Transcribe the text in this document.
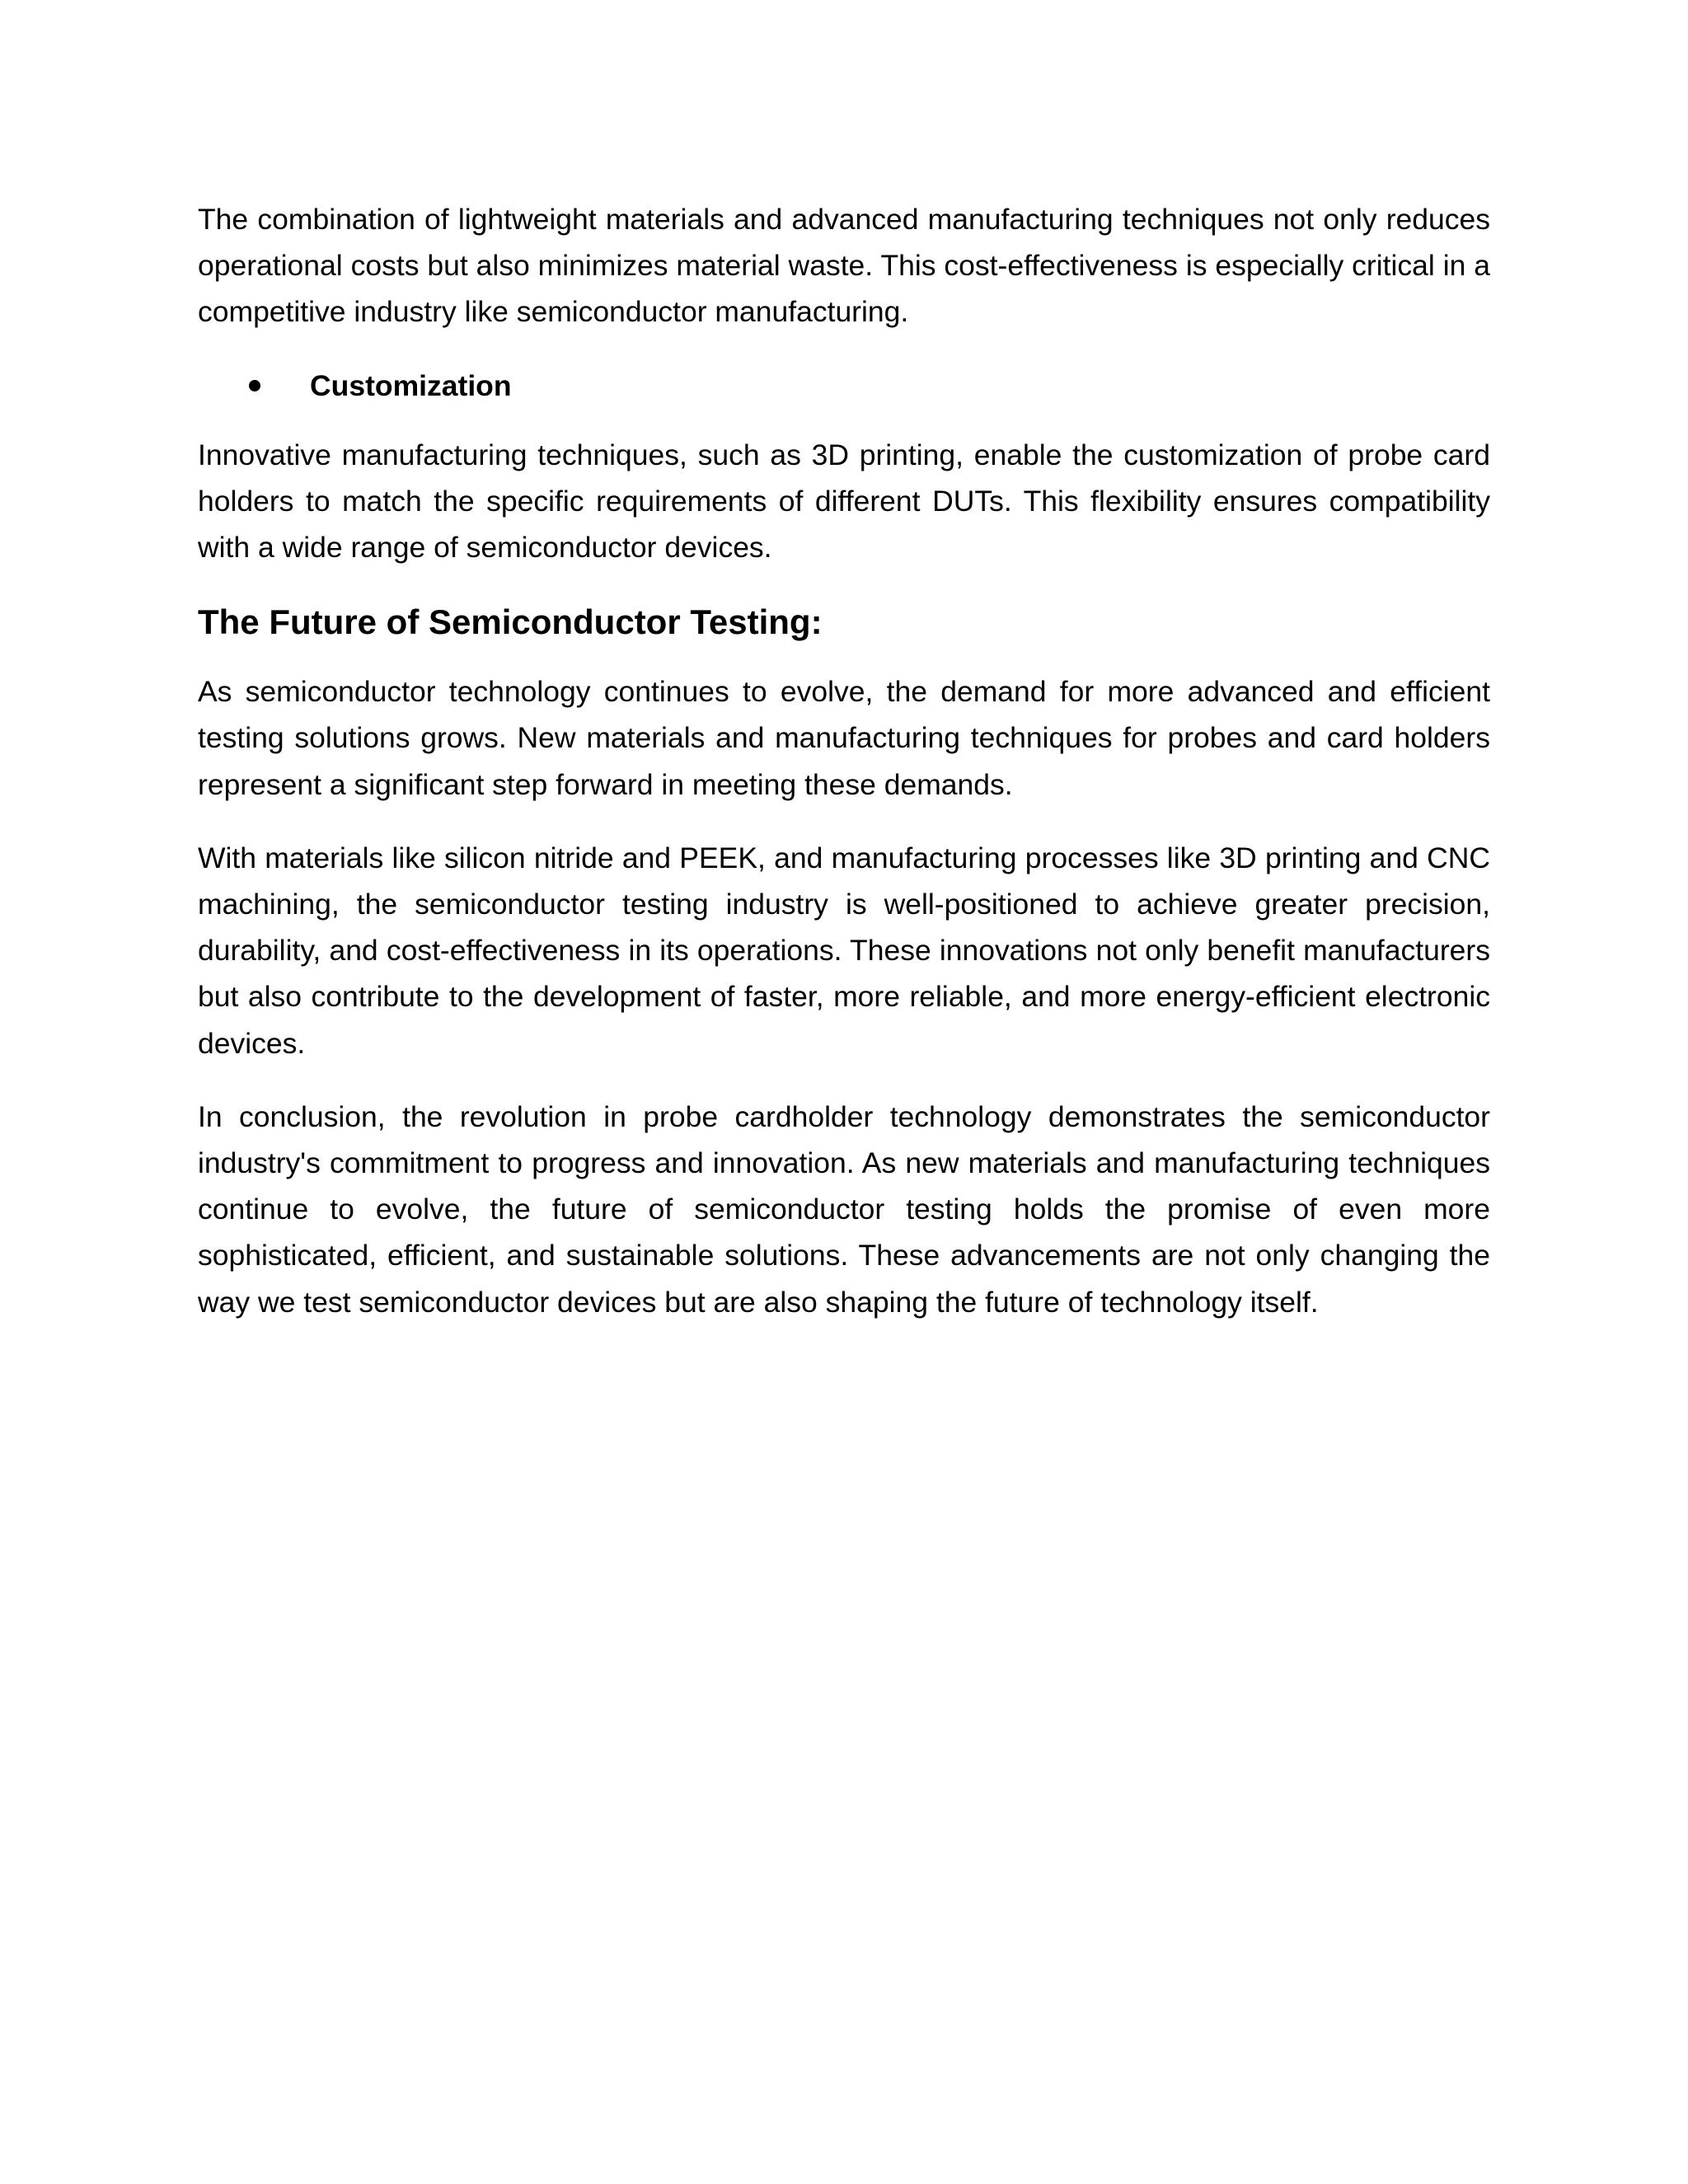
The combination of lightweight materials and advanced manufacturing techniques not only reduces operational costs but also minimizes material waste. This cost-effectiveness is especially critical in a competitive industry like semiconductor manufacturing.

Customization

Innovative manufacturing techniques, such as 3D printing, enable the customization of probe card holders to match the specific requirements of different DUTs. This flexibility ensures compatibility with a wide range of semiconductor devices.

The Future of Semiconductor Testing:

As semiconductor technology continues to evolve, the demand for more advanced and efficient testing solutions grows. New materials and manufacturing techniques for probes and card holders represent a significant step forward in meeting these demands.

With materials like silicon nitride and PEEK, and manufacturing processes like 3D printing and CNC machining, the semiconductor testing industry is well-positioned to achieve greater precision, durability, and cost-effectiveness in its operations. These innovations not only benefit manufacturers but also contribute to the development of faster, more reliable, and more energy-efficient electronic devices.

In conclusion, the revolution in probe cardholder technology demonstrates the semiconductor industry's commitment to progress and innovation. As new materials and manufacturing techniques continue to evolve, the future of semiconductor testing holds the promise of even more sophisticated, efficient, and sustainable solutions. These advancements are not only changing the way we test semiconductor devices but are also shaping the future of technology itself.
